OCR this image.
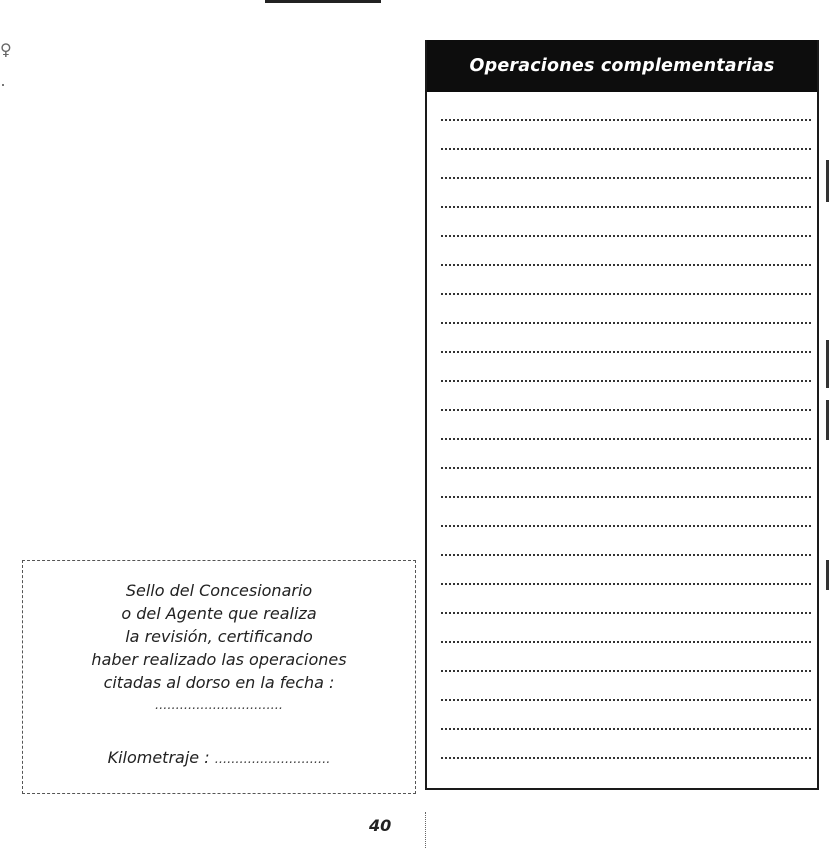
♀
Operaciones complementarias
Sello del Concesionario
o del Agente que realiza
la revisión, certificando
haber realizado las operaciones
citadas al dorso en la fecha :
...............................
Kilometraje : ............................
40
